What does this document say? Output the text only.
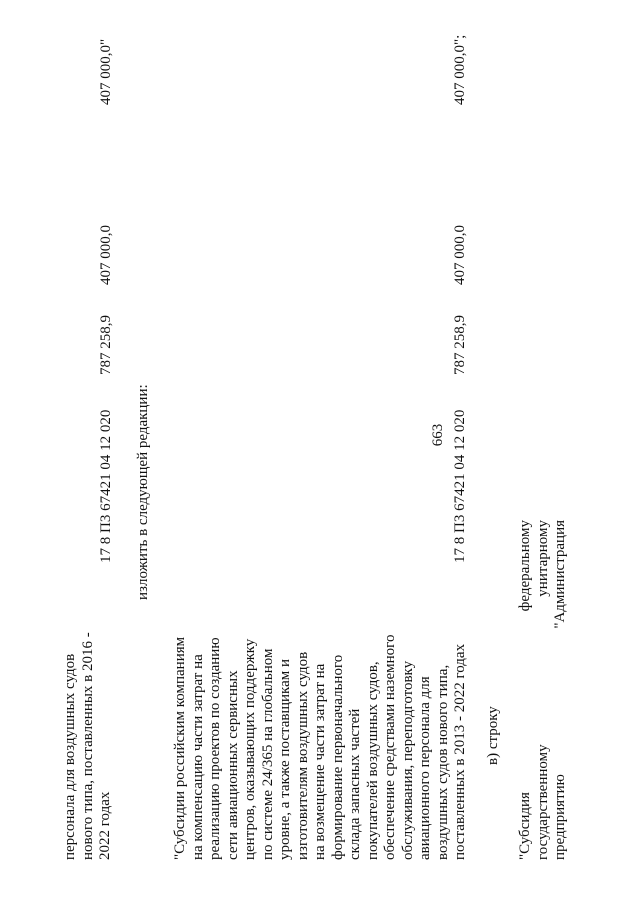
663
персонала для воздушных судов нового типа, поставленных в 2016 - 2022 годах
17 8 П3 67421 04 12 020
787 258,9
407 000,0
407 000,0"
изложить в следующей редакции:
"Субсидии российским компаниям на компенсацию части затрат на реализацию проектов по созданию сети авиационных сервисных центров, оказывающих поддержку по системе 24/365 на глобальном уровне, а также поставщикам и изготовителям воздушных судов на возмещение части затрат на формирование первоначального склада запасных частей покупателей воздушных судов, обеспечение средствами наземного обслуживания, переподготовку авиационного персонала для воздушных судов нового типа, поставленных в 2013 - 2022 годах
17 8 П3 67421 04 12 020
787 258,9
407 000,0
407 000,0";
в) строку
"Субсидия государственному предприятию
федеральному унитарному "Администрация
